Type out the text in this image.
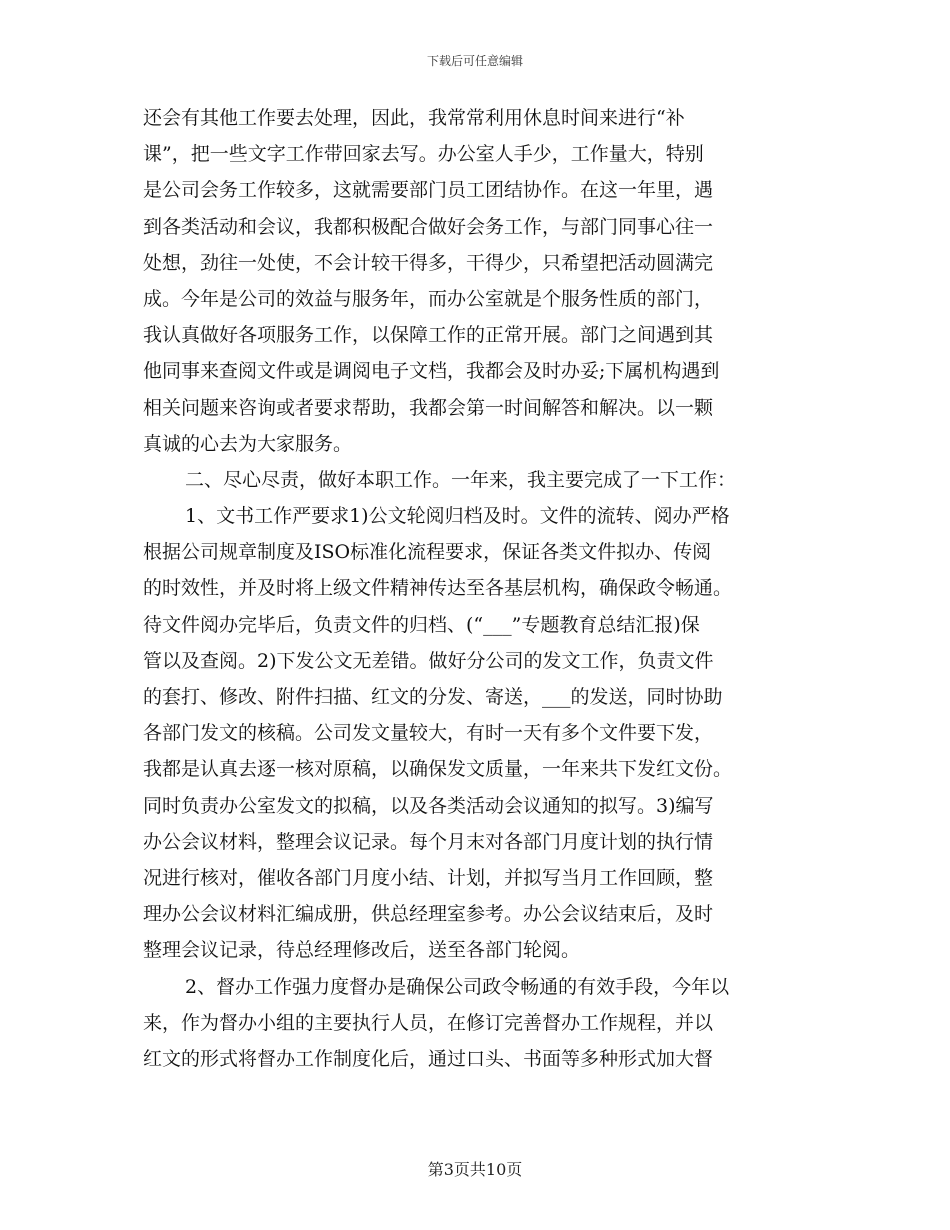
下载后可任意编辑
还会有其他工作要去处理，因此，我常常利用休息时间来进行“补
课”，把一些文字工作带回家去写。办公室人手少，工作量大，特别
是公司会务工作较多，这就需要部门员工团结协作。在这一年里，遇
到各类活动和会议，我都积极配合做好会务工作，与部门同事心往一
处想，劲往一处使，不会计较干得多，干得少，只希望把活动圆满完
成。今年是公司的效益与服务年，而办公室就是个服务性质的部门，
我认真做好各项服务工作，以保障工作的正常开展。部门之间遇到其
他同事来查阅文件或是调阅电子文档，我都会及时办妥;下属机构遇到
相关问题来咨询或者要求帮助，我都会第一时间解答和解决。以一颗
真诚的心去为大家服务。
二、尽心尽责，做好本职工作。一年来，我主要完成了一下工作：
1、文书工作严要求1)公文轮阅归档及时。文件的流转、阅办严格
根据公司规章制度及ISO标准化流程要求，保证各类文件拟办、传阅
的时效性，并及时将上级文件精神传达至各基层机构，确保政令畅通。
待文件阅办完毕后，负责文件的归档、(“___”专题教育总结汇报)保
管以及查阅。2)下发公文无差错。做好分公司的发文工作，负责文件
的套打、修改、附件扫描、红文的分发、寄送，___的发送，同时协助
各部门发文的核稿。公司发文量较大，有时一天有多个文件要下发，
我都是认真去逐一核对原稿，以确保发文质量，一年来共下发红文份。
同时负责办公室发文的拟稿，以及各类活动会议通知的拟写。3)编写
办公会议材料，整理会议记录。每个月末对各部门月度计划的执行情
况进行核对，催收各部门月度小结、计划，并拟写当月工作回顾，整
理办公会议材料汇编成册，供总经理室参考。办公会议结束后，及时
整理会议记录，待总经理修改后，送至各部门轮阅。
2、督办工作强力度督办是确保公司政令畅通的有效手段，今年以
来，作为督办小组的主要执行人员，在修订完善督办工作规程，并以
红文的形式将督办工作制度化后，通过口头、书面等多种形式加大督
第3页共10页
